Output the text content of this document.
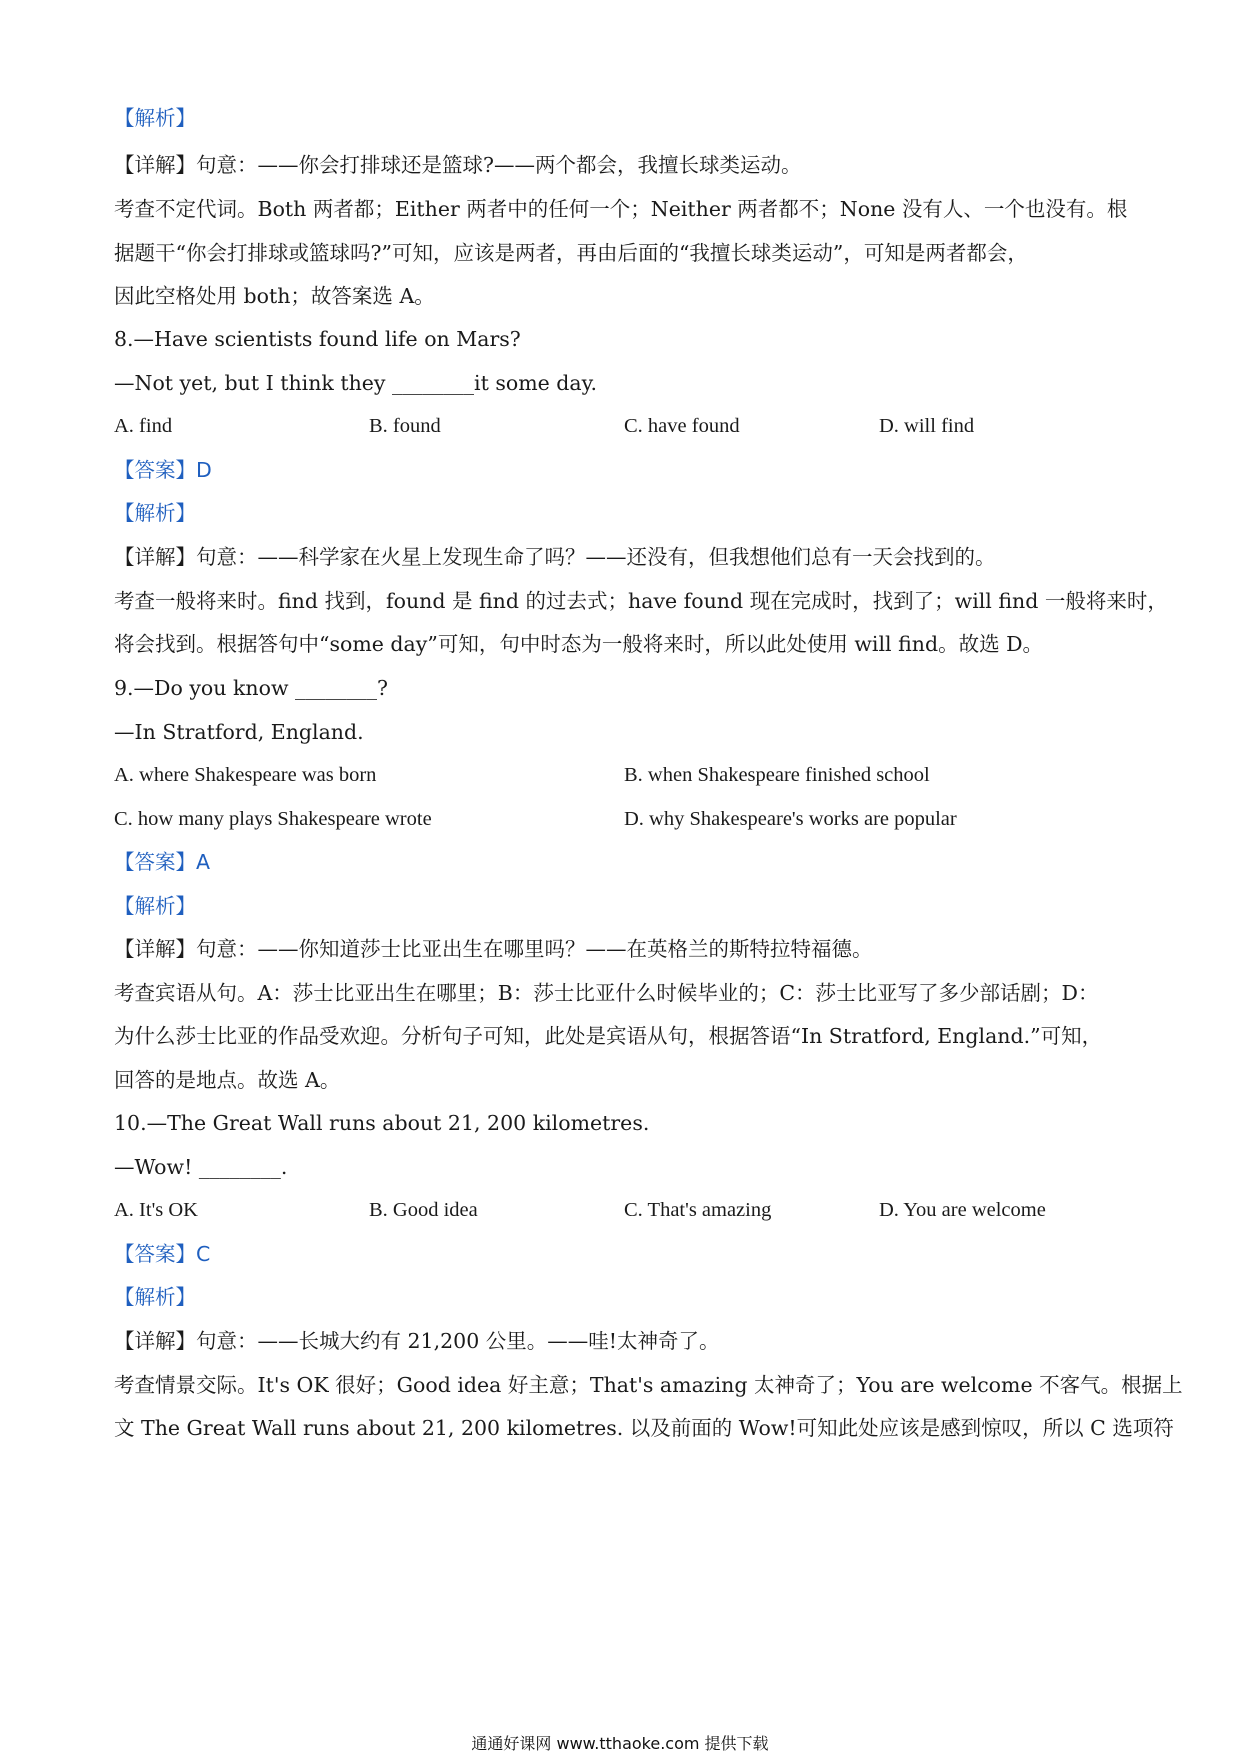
【解析】
【详解】句意：——你会打排球还是篮球?——两个都会，我擅长球类运动。
考查不定代词。Both 两者都；Either 两者中的任何一个；Neither 两者都不；None 没有人、一个也没有。根
据题干“你会打排球或篮球吗?”可知，应该是两者，再由后面的“我擅长球类运动”，可知是两者都会，
因此空格处用 both；故答案选 A。
8.—Have scientists found life on Mars?
—Not yet, but I think they ________it some day.
A. find	B. found	C. have found	D. will find
【答案】D
【解析】
【详解】句意：——科学家在火星上发现生命了吗？——还没有，但我想他们总有一天会找到的。
考查一般将来时。find 找到，found 是 find 的过去式；have found 现在完成时，找到了；will find 一般将来时，
将会找到。根据答句中“some day”可知，句中时态为一般将来时，所以此处使用 will find。故选 D。
9.—Do you know ________?
—In Stratford, England.
A. where Shakespeare was born	B. when Shakespeare finished school
C. how many plays Shakespeare wrote	D. why Shakespeare's works are popular
【答案】A
【解析】
【详解】句意：——你知道莎士比亚出生在哪里吗？——在英格兰的斯特拉特福德。
考查宾语从句。A：莎士比亚出生在哪里；B：莎士比亚什么时候毕业的；C：莎士比亚写了多少部话剧；D：
为什么莎士比亚的作品受欢迎。分析句子可知，此处是宾语从句，根据答语“In Stratford, England.”可知，
回答的是地点。故选 A。
10.—The Great Wall runs about 21, 200 kilometres.
—Wow! ________.
A. It's OK	B. Good idea	C. That's amazing	D. You are welcome
【答案】C
【解析】
【详解】句意：——长城大约有 21,200 公里。——哇!太神奇了。
考查情景交际。It's OK 很好；Good idea 好主意；That's amazing 太神奇了；You are welcome 不客气。根据上
文 The Great Wall runs about 21, 200 kilometres. 以及前面的 Wow!可知此处应该是感到惊叹，所以 C 选项符
通通好课网 www.tthaoke.com 提供下载
